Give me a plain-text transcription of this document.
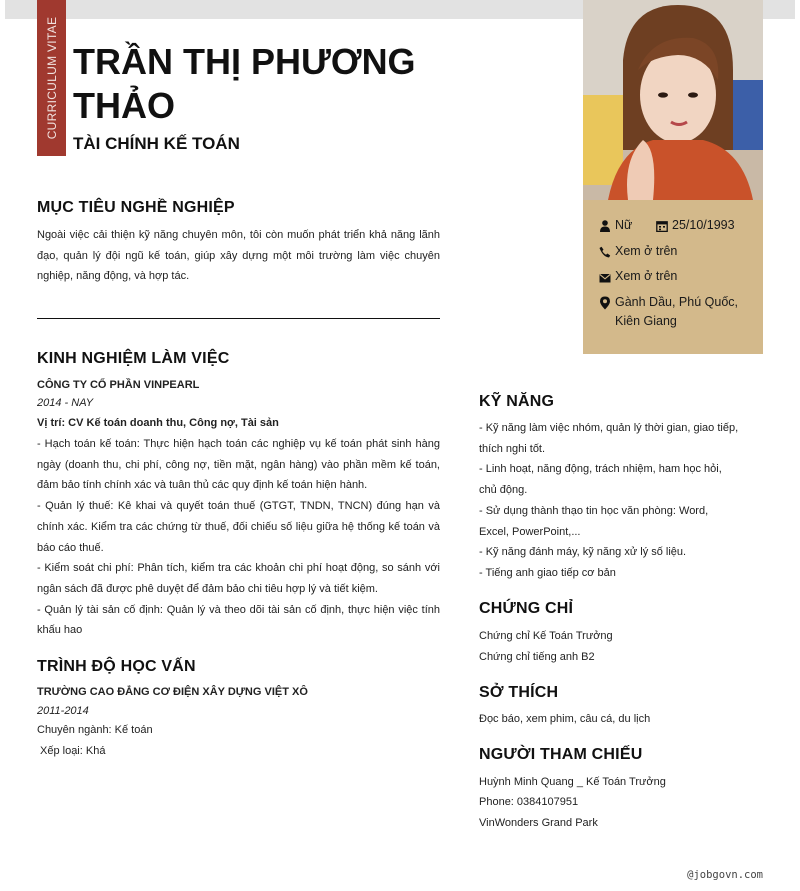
CURRICULUM VITAE TRẦN THỊ PHƯƠNG THẢO
TÀI CHÍNH KẾ TOÁN
Nữ	25/10/1993
Xem ở trên
Xem ở trên
Gành Dầu, Phú Quốc, Kiên Giang
MỤC TIÊU NGHỀ NGHIỆP
Ngoài việc cải thiện kỹ năng chuyên môn, tôi còn muốn phát triển khả năng lãnh đạo, quản lý đội ngũ kế toán, giúp xây dựng một môi trường làm việc chuyên nghiệp, năng động, và hợp tác.
KINH NGHIỆM LÀM VIỆC
CÔNG TY CỔ PHẦN VINPEARL
2014 - NAY
Vị trí: CV Kế toán doanh thu, Công nợ, Tài sản
- Hạch toán kế toán: Thực hiện hạch toán các nghiệp vụ kế toán phát sinh hàng ngày (doanh thu, chi phí, công nợ, tiền mặt, ngân hàng) vào phần mềm kế toán, đảm bảo tính chính xác và tuân thủ các quy định kế toán hiện hành.
- Quản lý thuế: Kê khai và quyết toán thuế (GTGT, TNDN, TNCN) đúng hạn và chính xác. Kiểm tra các chứng từ thuế, đối chiếu số liệu giữa hệ thống kế toán và báo cáo thuế.
- Kiểm soát chi phí: Phân tích, kiểm tra các khoản chi phí hoạt động, so sánh với ngân sách đã được phê duyệt để đảm bảo chi tiêu hợp lý và tiết kiệm.
- Quản lý tài sản cố định: Quản lý và theo dõi tài sản cố định, thực hiện việc tính khấu hao
TRÌNH ĐỘ HỌC VẤN
TRƯỜNG CAO ĐẲNG CƠ ĐIỆN XÂY DỰNG VIỆT XÔ
2011-2014
Chuyên ngành: Kế toán
Xếp loại: Khá
KỸ NĂNG
- Kỹ năng làm việc nhóm, quản lý thời gian, giao tiếp, thích nghi tốt.
- Linh hoạt, năng động, trách nhiệm, ham học hỏi, chủ động.
- Sử dụng thành thạo tin học văn phòng: Word, Excel, PowerPoint,...
- Kỹ năng đánh máy, kỹ năng xử lý số liệu.
- Tiếng anh giao tiếp cơ bản
CHỨNG CHỈ
Chứng chỉ Kế Toán Trưởng
Chứng chỉ tiếng anh B2
SỞ THÍCH
Đọc báo, xem phim, câu cá, du lịch
NGƯỜI THAM CHIẾU
Huỳnh Minh Quang _ Kế Toán Trưởng
Phone: 0384107951
VinWonders Grand Park
@jobgovn.com
